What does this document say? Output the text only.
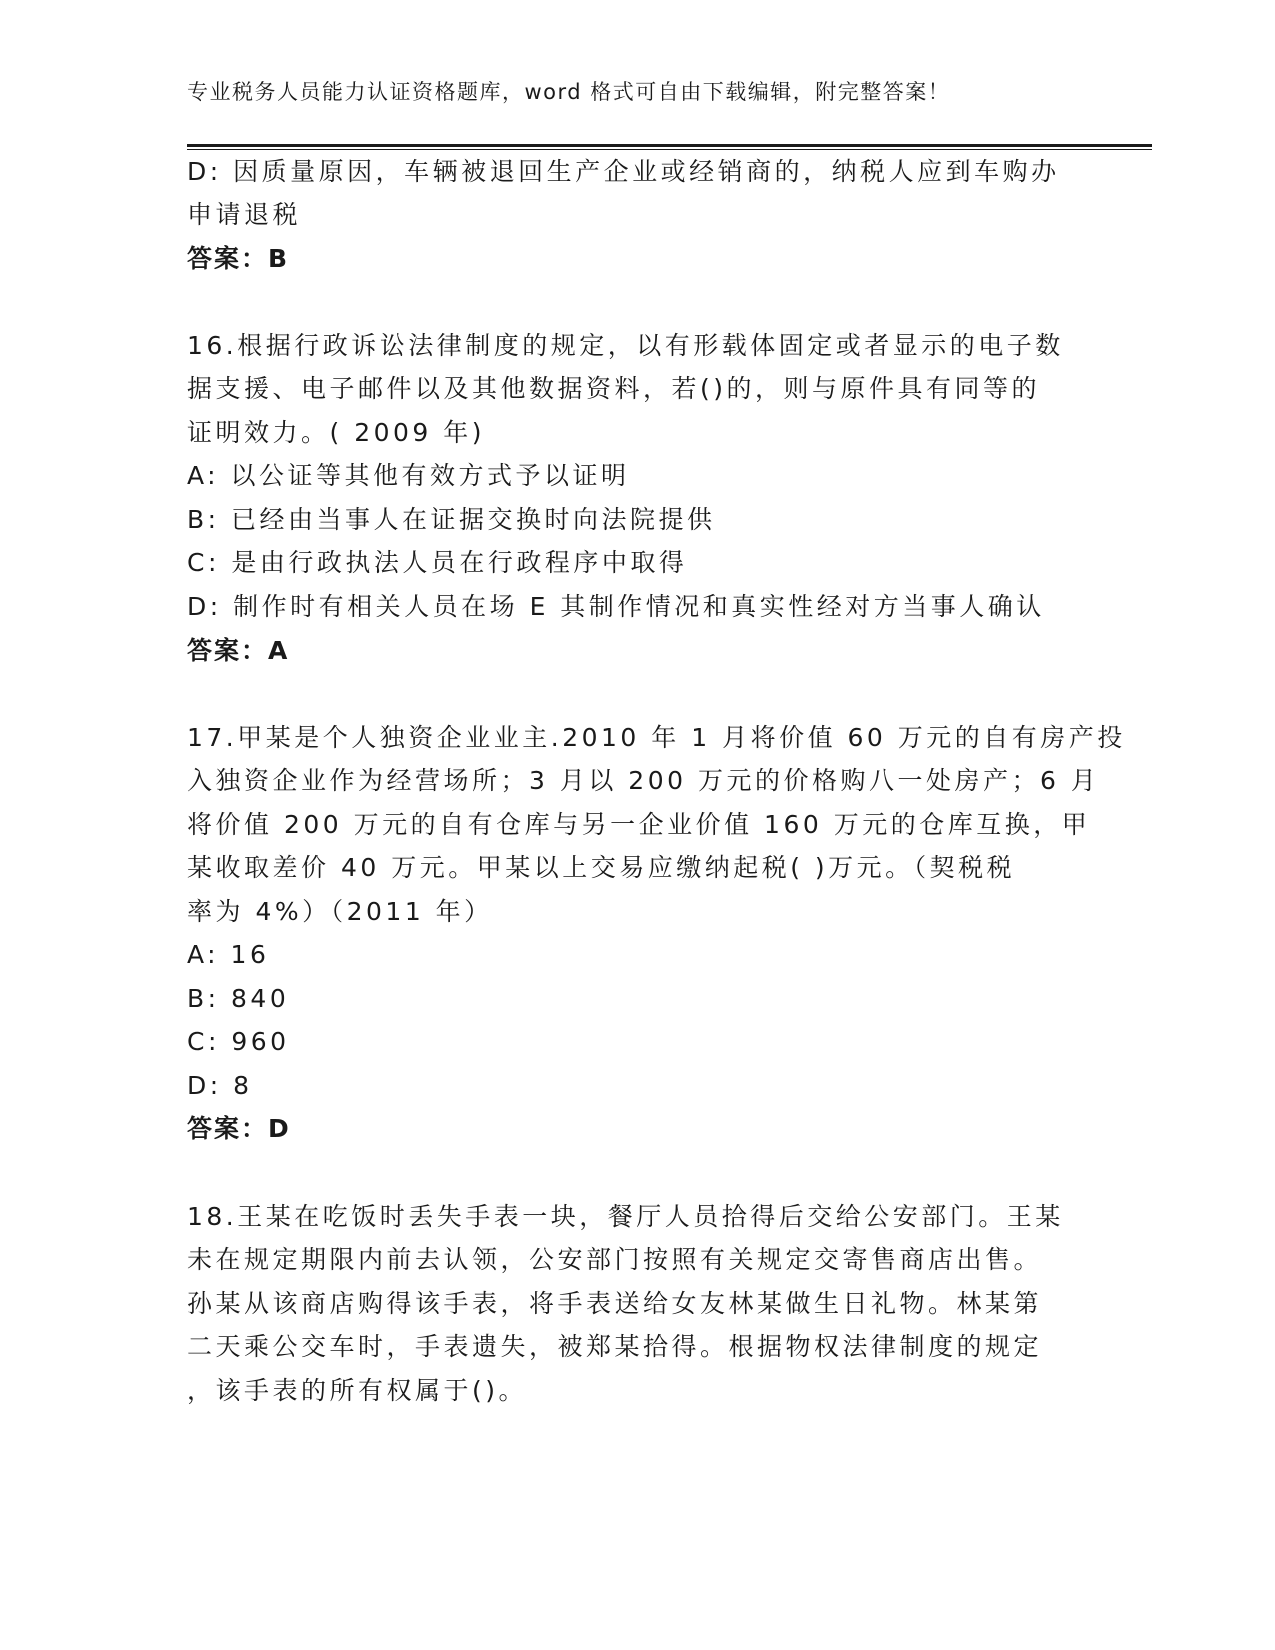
专业税务人员能力认证资格题库，word 格式可自由下载编辑，附完整答案！
D: 因质量原因，车辆被退回生产企业或经销商的，纳税人应到车购办
申请退税
答案：B
16.根据行政诉讼法律制度的规定，以有形载体固定或者显示的电子数
据支援、电子邮件以及其他数据资料，若()的，则与原件具有同等的
证明效力。( 2009 年)
A: 以公证等其他有效方式予以证明
B: 已经由当事人在证据交换时向法院提供
C: 是由行政执法人员在行政程序中取得
D: 制作时有相关人员在场 E 其制作情况和真实性经对方当事人确认
答案：A
17.甲某是个人独资企业业主.2010 年 1 月将价值 60 万元的自有房产投
入独资企业作为经营场所；3 月以 200 万元的价格购八一处房产；6 月
将价值 200 万元的自有仓库与另一企业价值 160 万元的仓库互换，甲
某收取差价 40 万元。甲某以上交易应缴纳起税( )万元。（契税税
率为 4%）（2011 年）
A: 16
B: 840
C: 960
D: 8
答案：D
18.王某在吃饭时丢失手表一块，餐厅人员拾得后交给公安部门。王某
未在规定期限内前去认领，公安部门按照有关规定交寄售商店出售。
孙某从该商店购得该手表，将手表送给女友林某做生日礼物。林某第
二天乘公交车时，手表遗失，被郑某拾得。根据物权法律制度的规定
，该手表的所有权属于()。
